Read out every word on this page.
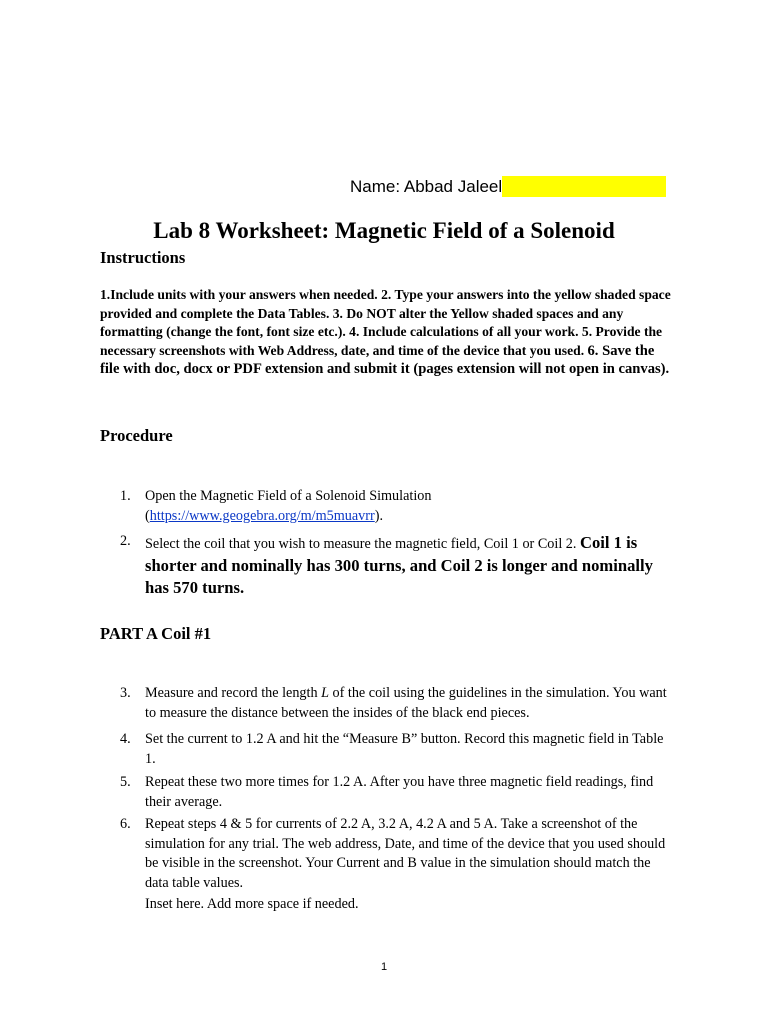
Name: Abbad Jaleel
Lab 8 Worksheet: Magnetic Field of a Solenoid
Instructions
1.Include units with your answers when needed. 2. Type your answers into the yellow shaded space provided and complete the Data Tables. 3. Do NOT alter the Yellow shaded spaces and any formatting (change the font, font size etc.). 4. Include calculations of all your work. 5. Provide the necessary screenshots with Web Address, date, and time of the device that you used. 6. Save the file with doc, docx or PDF extension and submit it (pages extension will not open in canvas).
Procedure
1.	Open the Magnetic Field of a Solenoid Simulation (https://www.geogebra.org/m/m5muavrr).
2.	Select the coil that you wish to measure the magnetic field, Coil 1 or Coil 2. Coil 1 is shorter and nominally has 300 turns, and Coil 2 is longer and nominally has 570 turns.
PART A Coil #1
3.	Measure and record the length L of the coil using the guidelines in the simulation. You want to measure the distance between the insides of the black end pieces.
4.	Set the current to 1.2 A and hit the “Measure B” button. Record this magnetic field in Table 1.
5.	Repeat these two more times for 1.2 A. After you have three magnetic field readings, find their average.
6.	Repeat steps 4 & 5 for currents of 2.2 A, 3.2 A, 4.2 A and 5 A. Take a screenshot of the simulation for any trial. The web address, Date, and time of the device that you used should be visible in the screenshot. Your Current and B value in the simulation should match the data table values.
Inset here. Add more space if needed.
1
